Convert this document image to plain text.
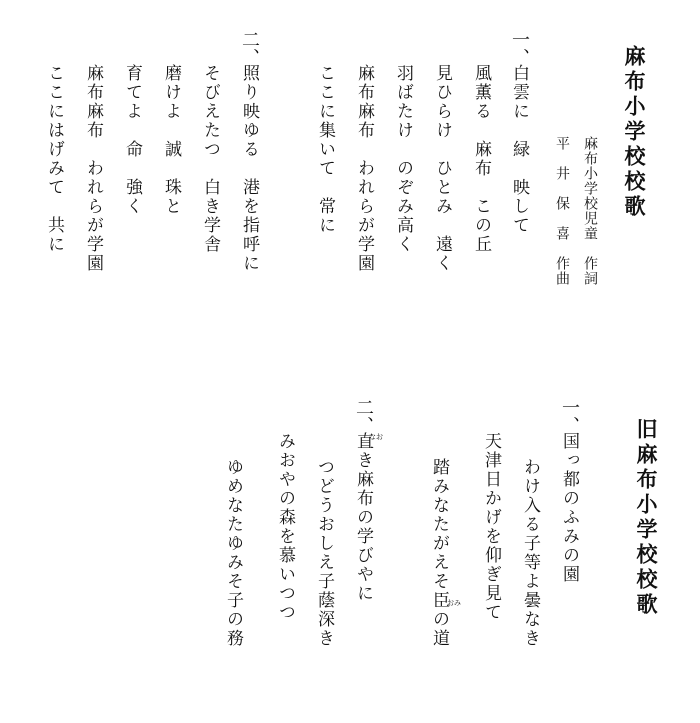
麻布小学校校歌
麻布小学校児童　作詞
平　井　保　喜　作曲
一、
白雲に　緑　映して
風薫る　麻布　この丘
見ひらけ　ひとみ　遠く
羽ばたけ　のぞみ高く
麻布麻布　われらが学園
ここに集いて　常に
二、
照り映ゆる　港を指呼に
そびえたつ　白き学舎
磨けよ　誠　珠と
育てよ　命　強く
麻布麻布　われらが学園
ここにはげみて　共に
旧麻布小学校校歌
一、
国っ都のふみの園
わけ入る子等よ曇なき
天津日かげを仰ぎ見て
踏みなたがえそ臣の道
おみ
二、
直き麻布の学びやに
なお
つどうおしえ子蔭深き
みおやの森を慕いつつ
ゆめなたゆみそ子の務
